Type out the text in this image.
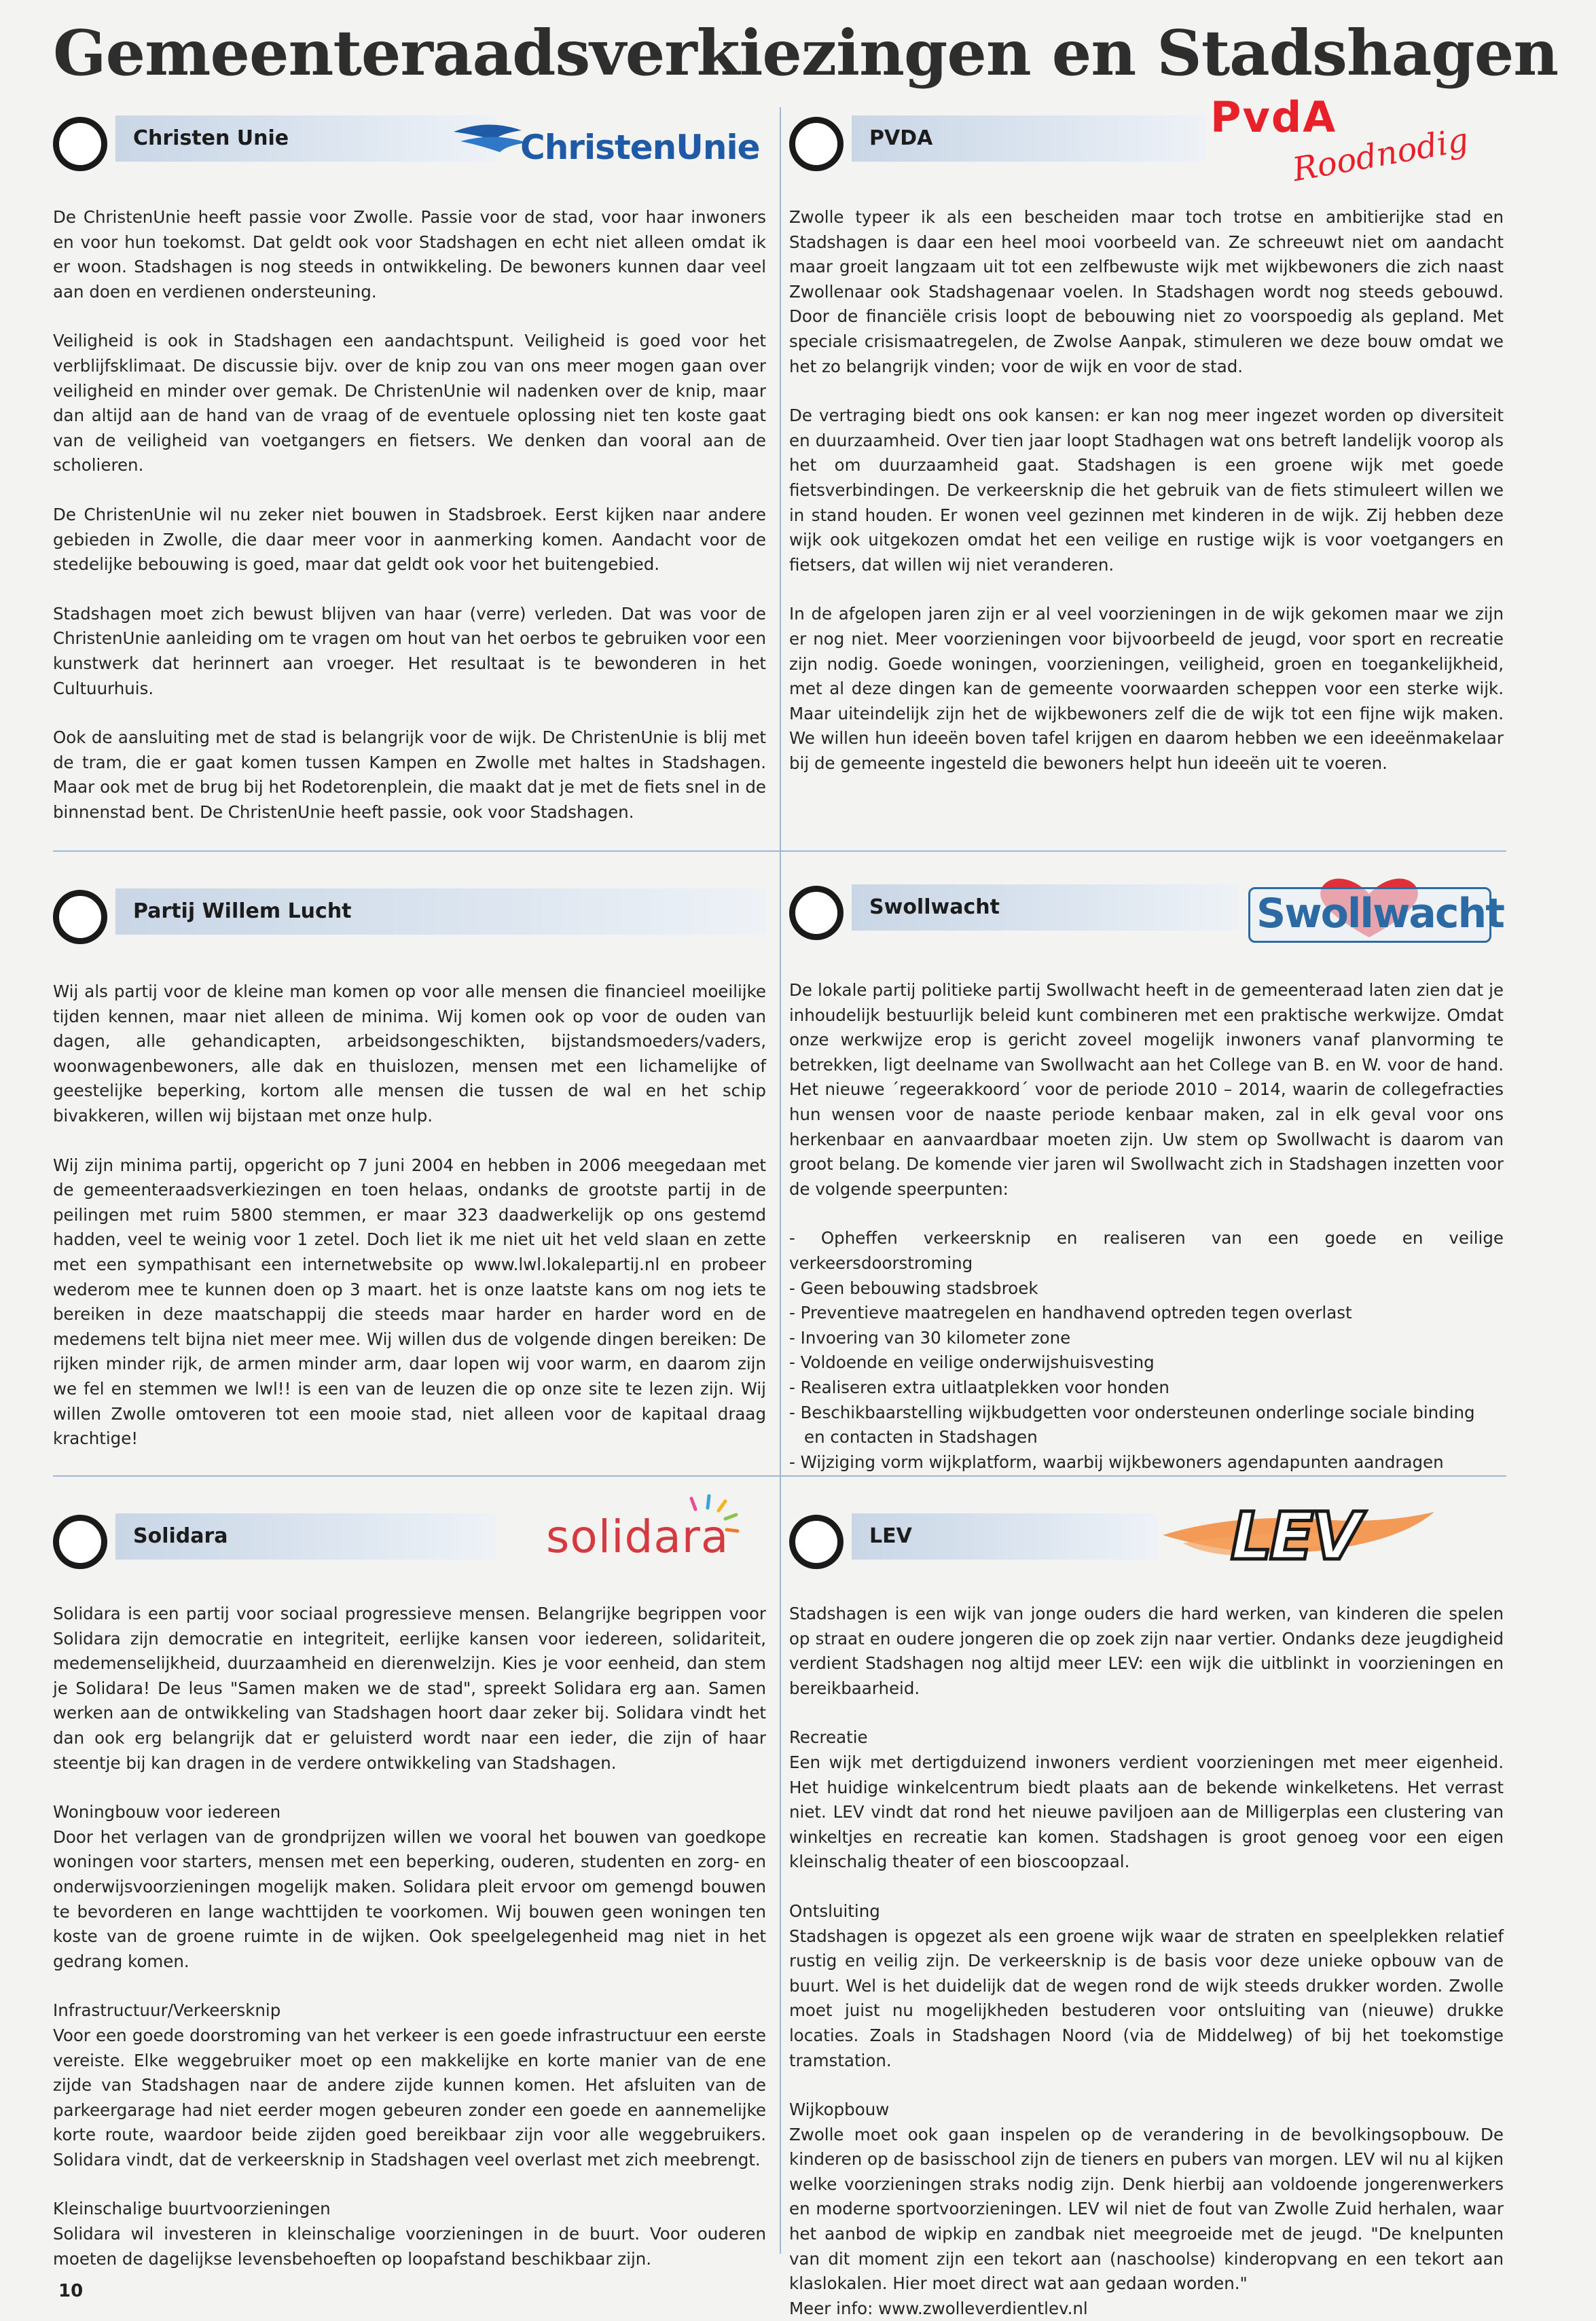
Gemeenteraadsverkiezingen en Stadshagen
Christen Unie	ChristenUnie

De ChristenUnie heeft passie voor Zwolle. Passie voor de stad, voor haar inwoners en voor hun toekomst. Dat geldt ook voor Stadshagen en echt niet alleen omdat ik er woon. Stadshagen is nog steeds in ontwikkeling. De bewoners kunnen daar veel aan doen en verdienen ondersteuning.

Veiligheid is ook in Stadshagen een aandachtspunt. Veiligheid is goed voor het verblijfsklimaat. De discussie bijv. over de knip zou van ons meer mogen gaan over veiligheid en minder over gemak. De ChristenUnie wil nadenken over de knip, maar dan altijd aan de hand van de vraag of de eventuele oplossing niet ten koste gaat van de veiligheid van voetgangers en fietsers. We denken dan vooral aan de scholieren.

De ChristenUnie wil nu zeker niet bouwen in Stadsbroek. Eerst kijken naar andere gebieden in Zwolle, die daar meer voor in aanmerking komen. Aandacht voor de stedelijke bebouwing is goed, maar dat geldt ook voor het buitengebied.

Stadshagen moet zich bewust blijven van haar (verre) verleden. Dat was voor de ChristenUnie aanleiding om te vragen om hout van het oerbos te gebruiken voor een kunstwerk dat herinnert aan vroeger. Het resultaat is te bewonderen in het Cultuurhuis.

Ook de aansluiting met de stad is belangrijk voor de wijk. De ChristenUnie is blij met de tram, die er gaat komen tussen Kampen en Zwolle met haltes in Stadshagen. Maar ook met de brug bij het Rodetorenplein, die maakt dat je met de fiets snel in de binnenstad bent. De ChristenUnie heeft passie, ook voor Stadshagen.

PVDA	PvdA
Roodnodig

Zwolle typeer ik als een bescheiden maar toch trotse en ambitierijke stad en Stadshagen is daar een heel mooi voorbeeld van. Ze schreeuwt niet om aandacht maar groeit langzaam uit tot een zelfbewuste wijk met wijkbewoners die zich naast Zwollenaar ook Stadshagenaar voelen. In Stadshagen wordt nog steeds gebouwd. Door de financiële crisis loopt de bebouwing niet zo voorspoedig als gepland. Met speciale crisismaatregelen, de Zwolse Aanpak, stimuleren we deze bouw omdat we het zo belangrijk vinden; voor de wijk en voor de stad.

De vertraging biedt ons ook kansen: er kan nog meer ingezet worden op diversiteit en duurzaamheid. Over tien jaar loopt Stadhagen wat ons betreft landelijk voorop als het om duurzaamheid gaat. Stadshagen is een groene wijk met goede fietsverbindingen. De verkeersknip die het gebruik van de fiets stimuleert willen we in stand houden. Er wonen veel gezinnen met kinderen in de wijk. Zij hebben deze wijk ook uitgekozen omdat het een veilige en rustige wijk is voor voetgangers en fietsers, dat willen wij niet veranderen.

In de afgelopen jaren zijn er al veel voorzieningen in de wijk gekomen maar we zijn er nog niet. Meer voorzieningen voor bijvoorbeeld de jeugd, voor sport en recreatie zijn nodig. Goede woningen, voorzieningen, veiligheid, groen en toegankelijkheid, met al deze dingen kan de gemeente voorwaarden scheppen voor een sterke wijk. Maar uiteindelijk zijn het de wijkbewoners zelf die de wijk tot een fijne wijk maken. We willen hun ideeën boven tafel krijgen en daarom hebben we een ideeënmakelaar bij de gemeente ingesteld die bewoners helpt hun ideeën uit te voeren.

Partij Willem Lucht

Wij als partij voor de kleine man komen op voor alle mensen die financieel moeilijke tijden kennen, maar niet alleen de minima. Wij komen ook op voor de ouden van dagen, alle gehandicapten, arbeidsongeschikten, bijstandsmoeders/vaders, woonwagenbewoners, alle dak en thuislozen, mensen met een lichamelijke of geestelijke beperking, kortom alle mensen die tussen de wal en het schip bivakkeren, willen wij bijstaan met onze hulp.

Wij zijn minima partij, opgericht op 7 juni 2004 en hebben in 2006 meegedaan met de gemeenteraadsverkiezingen en toen helaas, ondanks de grootste partij in de peilingen met ruim 5800 stemmen, er maar 323 daadwerkelijk op ons gestemd hadden, veel te weinig voor 1 zetel. Doch liet ik me niet uit het veld slaan en zette met een sympathisant een internetwebsite op www.lwl.lokalepartij.nl en probeer wederom mee te kunnen doen op 3 maart. het is onze laatste kans om nog iets te bereiken in deze maatschappij die steeds maar harder en harder word en de medemens telt bijna niet meer mee. Wij willen dus de volgende dingen bereiken: De rijken minder rijk, de armen minder arm, daar lopen wij voor warm, en daarom zijn we fel en stemmen we lwl!! is een van de leuzen die op onze site te lezen zijn. Wij willen Zwolle omtoveren tot een mooie stad, niet alleen voor de kapitaal draag krachtige!

Swollwacht	Swollwacht

De lokale partij politieke partij Swollwacht heeft in de gemeenteraad laten zien dat je inhoudelijk bestuurlijk beleid kunt combineren met een praktische werkwijze. Omdat onze werkwijze erop is gericht zoveel mogelijk inwoners vanaf planvorming te betrekken, ligt deelname van Swollwacht aan het College van B. en W. voor de hand. Het nieuwe ´regeerakkoord´ voor de periode 2010 – 2014, waarin de collegefracties hun wensen voor de naaste periode kenbaar maken, zal in elk geval voor ons herkenbaar en aanvaardbaar moeten zijn. Uw stem op Swollwacht is daarom van groot belang. De komende vier jaren wil Swollwacht zich in Stadshagen inzetten voor de volgende speerpunten:

- Opheffen verkeersknip en realiseren van een goede en veilige verkeersdoorstroming
- Geen bebouwing stadsbroek
- Preventieve maatregelen en handhavend optreden tegen overlast
- Invoering van 30 kilometer zone
- Voldoende en veilige onderwijshuisvesting
- Realiseren extra uitlaatplekken voor honden
- Beschikbaarstelling wijkbudgetten voor ondersteunen onderlinge sociale binding
en contacten in Stadshagen
- Wijziging vorm wijkplatform, waarbij wijkbewoners agendapunten aandragen
Solidara	solidara

Solidara is een partij voor sociaal progressieve mensen. Belangrijke begrippen voor Solidara zijn democratie en integriteit, eerlijke kansen voor iedereen, solidariteit, medemenselijkheid, duurzaamheid en dierenwelzijn. Kies je voor eenheid, dan stem je Solidara! De leus "Samen maken we de stad", spreekt Solidara erg aan. Samen werken aan de ontwikkeling van Stadshagen hoort daar zeker bij. Solidara vindt het dan ook erg belangrijk dat er geluisterd wordt naar een ieder, die zijn of haar steentje bij kan dragen in de verdere ontwikkeling van Stadshagen.

Woningbouw voor iedereen
Door het verlagen van de grondprijzen willen we vooral het bouwen van goedkope woningen voor starters, mensen met een beperking, ouderen, studenten en zorg- en onderwijsvoorzieningen mogelijk maken. Solidara pleit ervoor om gemengd bouwen te bevorderen en lange wachttijden te voorkomen. Wij bouwen geen woningen ten koste van de groene ruimte in de wijken. Ook speelgelegenheid mag niet in het gedrang komen.

Infrastructuur/Verkeersknip
Voor een goede doorstroming van het verkeer is een goede infrastructuur een eerste vereiste. Elke weggebruiker moet op een makkelijke en korte manier van de ene zijde van Stadshagen naar de andere zijde kunnen komen. Het afsluiten van de parkeergarage had niet eerder mogen gebeuren zonder een goede en aannemelijke korte route, waardoor beide zijden goed bereikbaar zijn voor alle weggebruikers. Solidara vindt, dat de verkeersknip in Stadshagen veel overlast met zich meebrengt.

Kleinschalige buurtvoorzieningen
Solidara wil investeren in kleinschalige voorzieningen in de buurt. Voor ouderen moeten de dagelijkse levensbehoeften op loopafstand beschikbaar zijn.

LEV	LEV

Stadshagen is een wijk van jonge ouders die hard werken, van kinderen die spelen op straat en oudere jongeren die op zoek zijn naar vertier. Ondanks deze jeugdigheid verdient Stadshagen nog altijd meer LEV: een wijk die uitblinkt in voorzieningen en bereikbaarheid.

Recreatie
Een wijk met dertigduizend inwoners verdient voorzieningen met meer eigenheid. Het huidige winkelcentrum biedt plaats aan de bekende winkelketens. Het verrast niet. LEV vindt dat rond het nieuwe paviljoen aan de Milligerplas een clustering van winkeltjes en recreatie kan komen. Stadshagen is groot genoeg voor een eigen kleinschalig theater of een bioscoopzaal.

Ontsluiting
Stadshagen is opgezet als een groene wijk waar de straten en speelplekken relatief rustig en veilig zijn. De verkeersknip is de basis voor deze unieke opbouw van de buurt. Wel is het duidelijk dat de wegen rond de wijk steeds drukker worden. Zwolle moet juist nu mogelijkheden bestuderen voor ontsluiting van (nieuwe) drukke locaties. Zoals in Stadshagen Noord (via de Middelweg) of bij het toekomstige tramstation.

Wijkopbouw
Zwolle moet ook gaan inspelen op de verandering in de bevolkingsopbouw. De kinderen op de basisschool zijn de tieners en pubers van morgen. LEV wil nu al kijken welke voorzieningen straks nodig zijn. Denk hierbij aan voldoende jongerenwerkers en moderne sportvoorzieningen. LEV wil niet de fout van Zwolle Zuid herhalen, waar het aanbod de wipkip en zandbak niet meegroeide met de jeugd. "De knelpunten van dit moment zijn een tekort aan (naschoolse) kinderopvang en een tekort aan klaslokalen. Hier moet direct wat aan gedaan worden."
Meer info: www.zwolleverdientlev.nl

10
